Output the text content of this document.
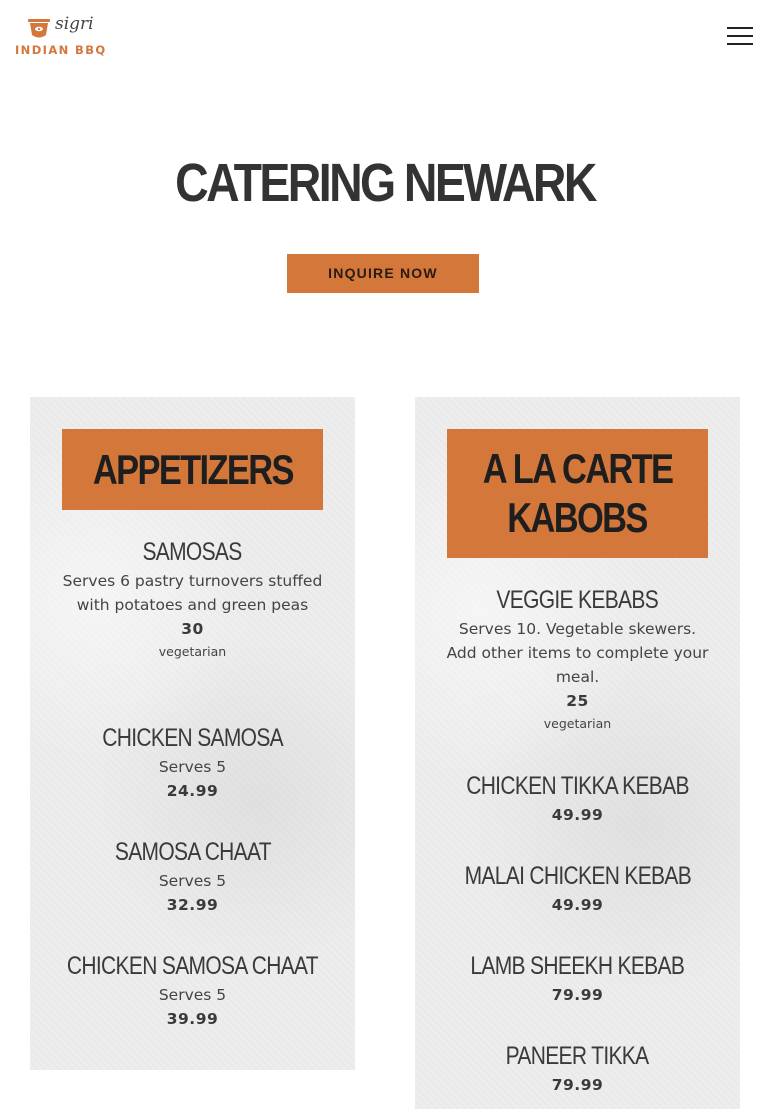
sigri
INDIAN BBQ
CATERING NEWARK
INQUIRE NOW
APPETIZERS
SAMOSAS
Serves 6 pastry turnovers stuffed with potatoes and green peas
30
vegetarian
CHICKEN SAMOSA
Serves 5
24.99
SAMOSA CHAAT
Serves 5
32.99
CHICKEN SAMOSA CHAAT
Serves 5
39.99
A LA CARTE
KABOBS
VEGGIE KEBABS
Serves 10. Vegetable skewers. Add other items to complete your meal.
25
vegetarian
CHICKEN TIKKA KEBAB
49.99
MALAI CHICKEN KEBAB
49.99
LAMB SHEEKH KEBAB
79.99
PANEER TIKKA
79.99
